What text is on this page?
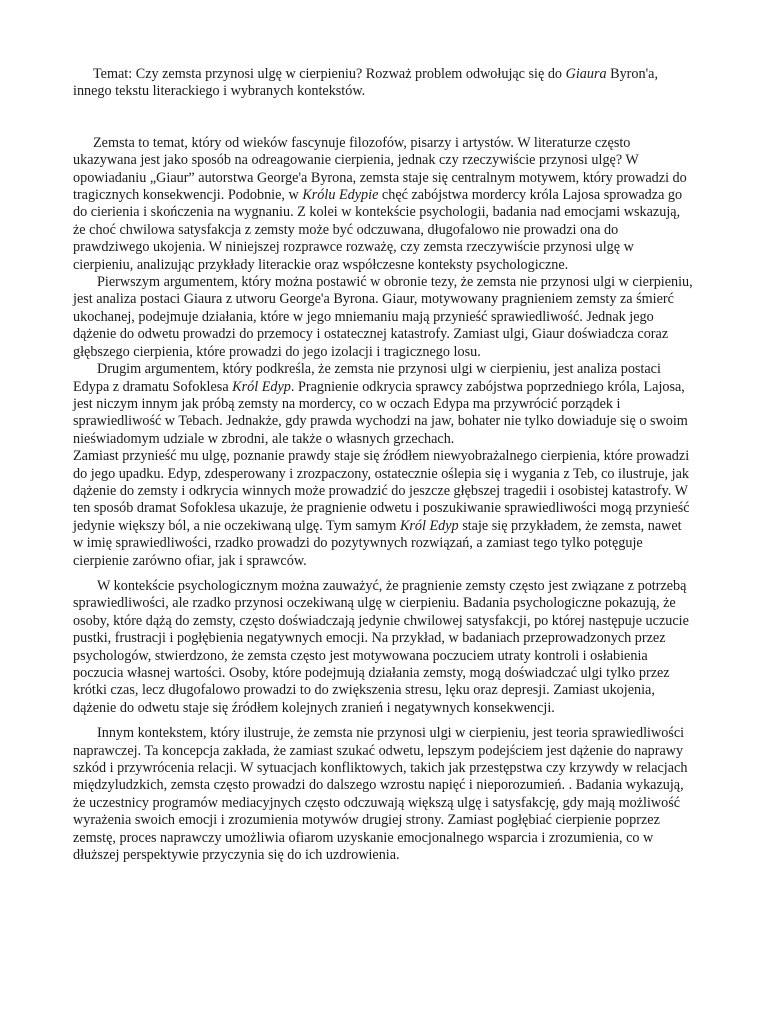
Temat: Czy zemsta przynosi ulgę w cierpieniu? Rozważ problem odwołując się do Giaura Byron'a, innego tekstu literackiego i wybranych kontekstów.

Zemsta to temat, który od wieków fascynuje filozofów, pisarzy i artystów. W literaturze często ukazywana jest jako sposób na odreagowanie cierpienia, jednak czy rzeczywiście przynosi ulgę? W opowiadaniu „Giaur” autorstwa George'a Byrona, zemsta staje się centralnym motywem, który prowadzi do tragicznych konsekwencji. Podobnie, w Królu Edypie chęć zabójstwa mordercy króla Lajosa sprowadza go do cierienia i skończenia na wygnaniu. Z kolei w kontekście psychologii, badania nad emocjami wskazują, że choć chwilowa satysfakcja z zemsty może być odczuwana, długofalowo nie prowadzi ona do prawdziwego ukojenia. W niniejszej rozprawce rozważę, czy zemsta rzeczywiście przynosi ulgę w cierpieniu, analizując przykłady literackie oraz współczesne konteksty psychologiczne.

Pierwszym argumentem, który można postawić w obronie tezy, że zemsta nie przynosi ulgi w cierpieniu, jest analiza postaci Giaura z utworu George'a Byrona. Giaur, motywowany pragnieniem zemsty za śmierć ukochanej, podejmuje działania, które w jego mniemaniu mają przynieść sprawiedliwość. Jednak jego dążenie do odwetu prowadzi do przemocy i ostatecznej katastrofy. Zamiast ulgi, Giaur doświadcza coraz głębszego cierpienia, które prowadzi do jego izolacji i tragicznego losu.

Drugim argumentem, który podkreśla, że zemsta nie przynosi ulgi w cierpieniu, jest analiza postaci Edypa z dramatu Sofoklesa Król Edyp. Pragnienie odkrycia sprawcy zabójstwa poprzedniego króla, Lajosa, jest niczym innym jak próbą zemsty na mordercy, co w oczach Edypa ma przywrócić porządek i sprawiedliwość w Tebach. Jednakże, gdy prawda wychodzi na jaw, bohater nie tylko dowiaduje się o swoim nieświadomym udziale w zbrodni, ale także o własnych grzechach.

Zamiast przynieść mu ulgę, poznanie prawdy staje się źródłem niewyobrażalnego cierpienia, które prowadzi do jego upadku. Edyp, zdesperowany i zrozpaczony, ostatecznie oślepia się i wygania z Teb, co ilustruje, jak dążenie do zemsty i odkrycia winnych może prowadzić do jeszcze głębszej tragedii i osobistej katastrofy. W ten sposób dramat Sofoklesa ukazuje, że pragnienie odwetu i poszukiwanie sprawiedliwości mogą przynieść jedynie większy ból, a nie oczekiwaną ulgę. Tym samym Król Edyp staje się przykładem, że zemsta, nawet w imię sprawiedliwości, rzadko prowadzi do pozytywnych rozwiązań, a zamiast tego tylko potęguje cierpienie zarówno ofiar, jak i sprawców.

W kontekście psychologicznym można zauważyć, że pragnienie zemsty często jest związane z potrzebą sprawiedliwości, ale rzadko przynosi oczekiwaną ulgę w cierpieniu. Badania psychologiczne pokazują, że osoby, które dążą do zemsty, często doświadczają jedynie chwilowej satysfakcji, po której następuje uczucie pustki, frustracji i pogłębienia negatywnych emocji. Na przykład, w badaniach przeprowadzonych przez psychologów, stwierdzono, że zemsta często jest motywowana poczuciem utraty kontroli i osłabienia poczucia własnej wartości. Osoby, które podejmują działania zemsty, mogą doświadczać ulgi tylko przez krótki czas, lecz długofalowo prowadzi to do zwiększenia stresu, lęku oraz depresji. Zamiast ukojenia, dążenie do odwetu staje się źródłem kolejnych zranień i negatywnych konsekwencji.

Innym kontekstem, który ilustruje, że zemsta nie przynosi ulgi w cierpieniu, jest teoria sprawiedliwości naprawczej. Ta koncepcja zakłada, że zamiast szukać odwetu, lepszym podejściem jest dążenie do naprawy szkód i przywrócenia relacji. W sytuacjach konfliktowych, takich jak przestępstwa czy krzywdy w relacjach międzyludzkich, zemsta często prowadzi do dalszego wzrostu napięć i nieporozumień. . Badania wykazują, że uczestnicy programów mediacyjnych często odczuwają większą ulgę i satysfakcję, gdy mają możliwość wyrażenia swoich emocji i zrozumienia motywów drugiej strony. Zamiast pogłębiać cierpienie poprzez zemstę, proces naprawczy umożliwia ofiarom uzyskanie emocjonalnego wsparcia i zrozumienia, co w dłuższej perspektywie przyczynia się do ich uzdrowienia.
